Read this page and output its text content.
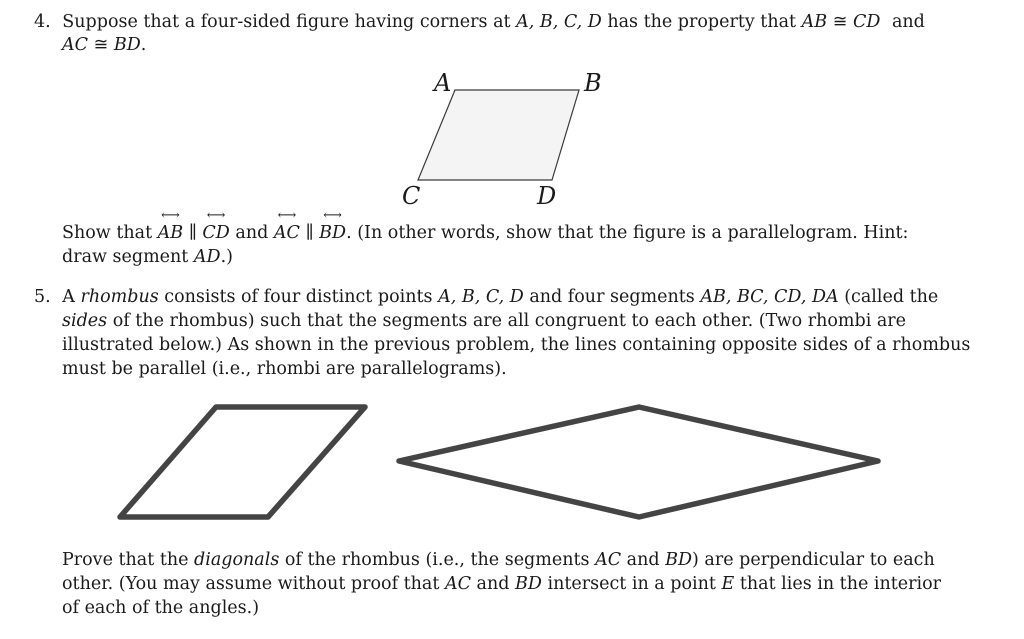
4. Suppose that a four-sided figure having corners at A, B, C, D has the property that AB ≅ CD and
AC ≅ BD.
A	B
C	D
Show that ⟷ AB ∥ ⟷ CD and ⟷ AC ∥ ⟷ BD. (In other words, show that the figure is a parallelogram. Hint:
draw segment AD.)
5. A rhombus consists of four distinct points A, B, C, D and four segments AB, BC, CD, DA (called the
sides of the rhombus) such that the segments are all congruent to each other. (Two rhombi are
illustrated below.) As shown in the previous problem, the lines containing opposite sides of a rhombus
must be parallel (i.e., rhombi are parallelograms).
Prove that the diagonals of the rhombus (i.e., the segments AC and BD) are perpendicular to each
other. (You may assume without proof that AC and BD intersect in a point E that lies in the interior
of each of the angles.)
